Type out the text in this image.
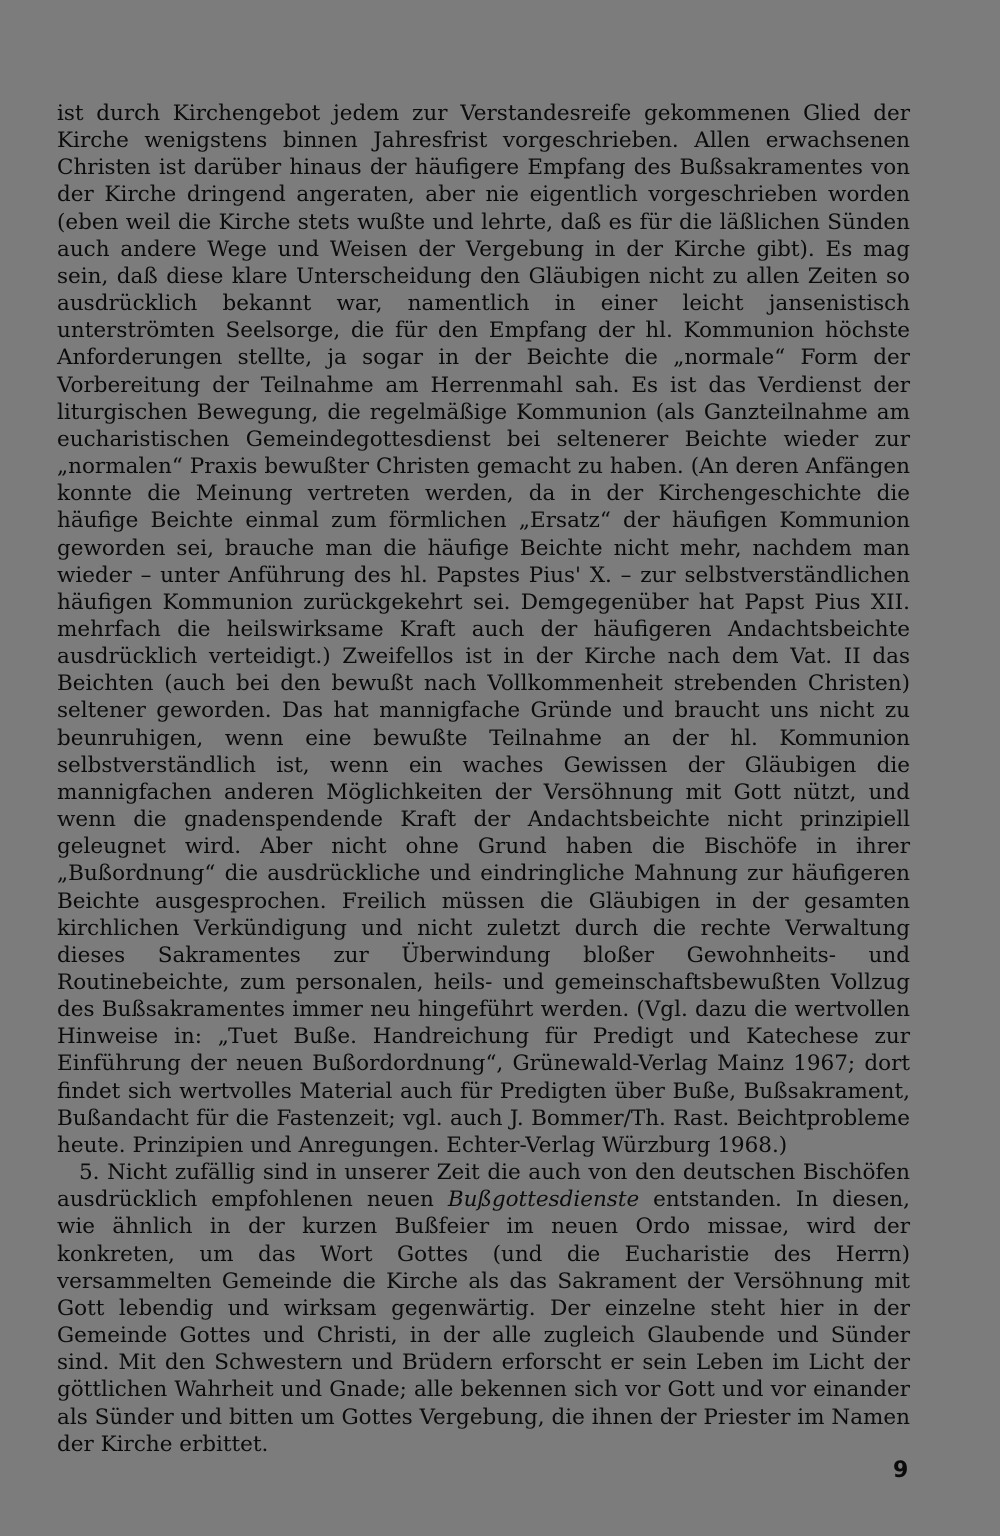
ist durch Kirchengebot jedem zur Verstandesreife gekommenen Glied der Kirche wenigstens binnen Jahresfrist vorgeschrieben. Allen erwachsenen Christen ist darüber hinaus der häufigere Empfang des Bußsakramentes von der Kirche dringend angeraten, aber nie eigentlich vorgeschrieben worden (eben weil die Kirche stets wußte und lehrte, daß es für die läßlichen Sünden auch andere Wege und Weisen der Vergebung in der Kirche gibt). Es mag sein, daß diese klare Unterscheidung den Gläubigen nicht zu allen Zeiten so ausdrücklich bekannt war, namentlich in einer leicht jansenistisch unterströmten Seelsorge, die für den Empfang der hl. Kommunion höchste Anforderungen stellte, ja sogar in der Beichte die „normale“ Form der Vorbereitung der Teilnahme am Herrenmahl sah. Es ist das Verdienst der liturgischen Bewegung, die regelmäßige Kommunion (als Ganzteilnahme am eucharistischen Gemeindegottesdienst bei seltenerer Beichte wieder zur „normalen“ Praxis bewußter Christen gemacht zu haben. (An deren Anfängen konnte die Meinung vertreten werden, da in der Kirchengeschichte die häufige Beichte einmal zum förmlichen „Ersatz“ der häufigen Kommunion geworden sei, brauche man die häufige Beichte nicht mehr, nachdem man wieder – unter Anführung des hl. Papstes Pius' X. – zur selbstverständlichen häufigen Kommunion zurückgekehrt sei. Demgegenüber hat Papst Pius XII. mehrfach die heilswirksame Kraft auch der häufigeren Andachtsbeichte ausdrücklich verteidigt.) Zweifellos ist in der Kirche nach dem Vat. II das Beichten (auch bei den bewußt nach Vollkommenheit strebenden Christen) seltener geworden. Das hat mannigfache Gründe und braucht uns nicht zu beunruhigen, wenn eine bewußte Teilnahme an der hl. Kommunion selbstverständlich ist, wenn ein waches Gewissen der Gläubigen die mannigfachen anderen Möglichkeiten der Versöhnung mit Gott nützt, und wenn die gnadenspendende Kraft der Andachtsbeichte nicht prinzipiell geleugnet wird. Aber nicht ohne Grund haben die Bischöfe in ihrer „Bußordnung“ die ausdrückliche und eindringliche Mahnung zur häufigeren Beichte ausgesprochen. Freilich müssen die Gläubigen in der gesamten kirchlichen Verkündigung und nicht zuletzt durch die rechte Verwaltung dieses Sakramentes zur Überwindung bloßer Gewohnheits- und Routinebeichte, zum personalen, heils- und gemeinschaftsbewußten Vollzug des Bußsakramentes immer neu hingeführt werden. (Vgl. dazu die wertvollen Hinweise in: „Tuet Buße. Handreichung für Predigt und Katechese zur Einführung der neuen Bußordordnung“, Grünewald-Verlag Mainz 1967; dort findet sich wertvolles Material auch für Predigten über Buße, Bußsakrament, Bußandacht für die Fastenzeit; vgl. auch J. Bommer/Th. Rast. Beichtprobleme heute. Prinzipien und Anregungen. Echter-Verlag Würzburg 1968.)

5. Nicht zufällig sind in unserer Zeit die auch von den deutschen Bischöfen ausdrücklich empfohlenen neuen Bußgottesdienste entstanden. In diesen, wie ähnlich in der kurzen Bußfeier im neuen Ordo missae, wird der konkreten, um das Wort Gottes (und die Eucharistie des Herrn) versammelten Gemeinde die Kirche als das Sakrament der Versöhnung mit Gott lebendig und wirksam gegenwärtig. Der einzelne steht hier in der Gemeinde Gottes und Christi, in der alle zugleich Glaubende und Sünder sind. Mit den Schwestern und Brüdern erforscht er sein Leben im Licht der göttlichen Wahrheit und Gnade; alle bekennen sich vor Gott und vor einander als Sünder und bitten um Gottes Vergebung, die ihnen der Priester im Namen der Kirche erbittet.

9
